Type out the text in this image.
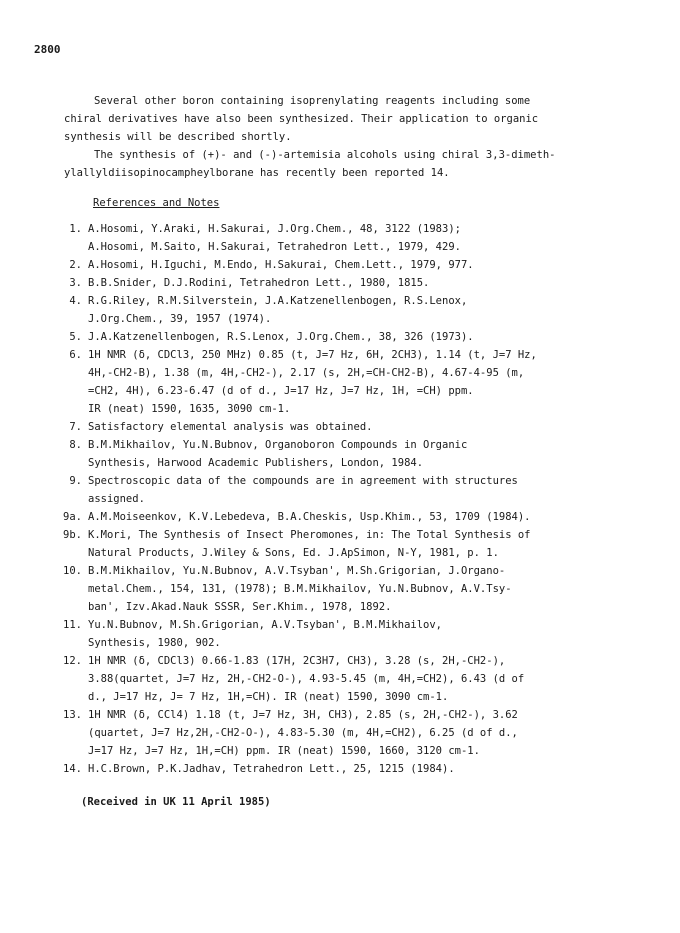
2800

Several other boron containing isoprenylating reagents including some

chiral derivatives have also been synthesized. Their application to organic

synthesis will be described shortly.

The synthesis of (+)- and (-)-artemisia alcohols using chiral 3,3-dimeth-

ylallyldiisopinocampheylborane has recently been reported 14.

References and Notes
1. A.Hosomi, Y.Araki, H.Sakurai, J.Org.Chem., 48, 3122 (1983);
A.Hosomi, M.Saito, H.Sakurai, Tetrahedron Lett., 1979, 429.
2. A.Hosomi, H.Iguchi, M.Endo, H.Sakurai, Chem.Lett., 1979, 977.
3. B.B.Snider, D.J.Rodini, Tetrahedron Lett., 1980, 1815.
4. R.G.Riley, R.M.Silverstein, J.A.Katzenellenbogen, R.S.Lenox,
J.Org.Chem., 39, 1957 (1974).
5. J.A.Katzenellenbogen, R.S.Lenox, J.Org.Chem., 38, 326 (1973).
6. 1H NMR (δ, CDCl3, 250 MHz) 0.85 (t, J=7 Hz, 6H, 2CH3), 1.14 (t, J=7 Hz,
4H,-CH2-B), 1.38 (m, 4H,-CH2-), 2.17 (s, 2H,=CH-CH2-B), 4.67-4-95 (m,
=CH2, 4H), 6.23-6.47 (d of d., J=17 Hz, J=7 Hz, 1H, =CH) ppm.
IR (neat) 1590, 1635, 3090 cm-1.
7. Satisfactory elemental analysis was obtained.
8. B.M.Mikhailov, Yu.N.Bubnov, Organoboron Compounds in Organic
Synthesis, Harwood Academic Publishers, London, 1984.
9. Spectroscopic data of the compounds are in agreement with structures
assigned.
9a. A.M.Moiseenkov, K.V.Lebedeva, B.A.Cheskis, Usp.Khim., 53, 1709 (1984).
9b. K.Mori, The Synthesis of Insect Pheromones, in: The Total Synthesis of
Natural Products, J.Wiley & Sons, Ed. J.ApSimon, N-Y, 1981, p. 1.
10. B.M.Mikhailov, Yu.N.Bubnov, A.V.Tsyban', M.Sh.Grigorian, J.Organo-
metal.Chem., 154, 131, (1978); B.M.Mikhailov, Yu.N.Bubnov, A.V.Tsy-
ban', Izv.Akad.Nauk SSSR, Ser.Khim., 1978, 1892.
11. Yu.N.Bubnov, M.Sh.Grigorian, A.V.Tsyban', B.M.Mikhailov,
Synthesis, 1980, 902.
12. 1H NMR (δ, CDCl3) 0.66-1.83 (17H, 2C3H7, CH3), 3.28 (s, 2H,-CH2-),
3.88(quartet, J=7 Hz, 2H,-CH2-O-), 4.93-5.45 (m, 4H,=CH2), 6.43 (d of
d., J=17 Hz, J= 7 Hz, 1H,=CH). IR (neat) 1590, 3090 cm-1.
13. 1H NMR (δ, CCl4) 1.18 (t, J=7 Hz, 3H, CH3), 2.85 (s, 2H,-CH2-), 3.62
(quartet, J=7 Hz,2H,-CH2-O-), 4.83-5.30 (m, 4H,=CH2), 6.25 (d of d.,
J=17 Hz, J=7 Hz, 1H,=CH) ppm. IR (neat) 1590, 1660, 3120 cm-1.
14. H.C.Brown, P.K.Jadhav, Tetrahedron Lett., 25, 1215 (1984).
(Received in UK 11 April 1985)
